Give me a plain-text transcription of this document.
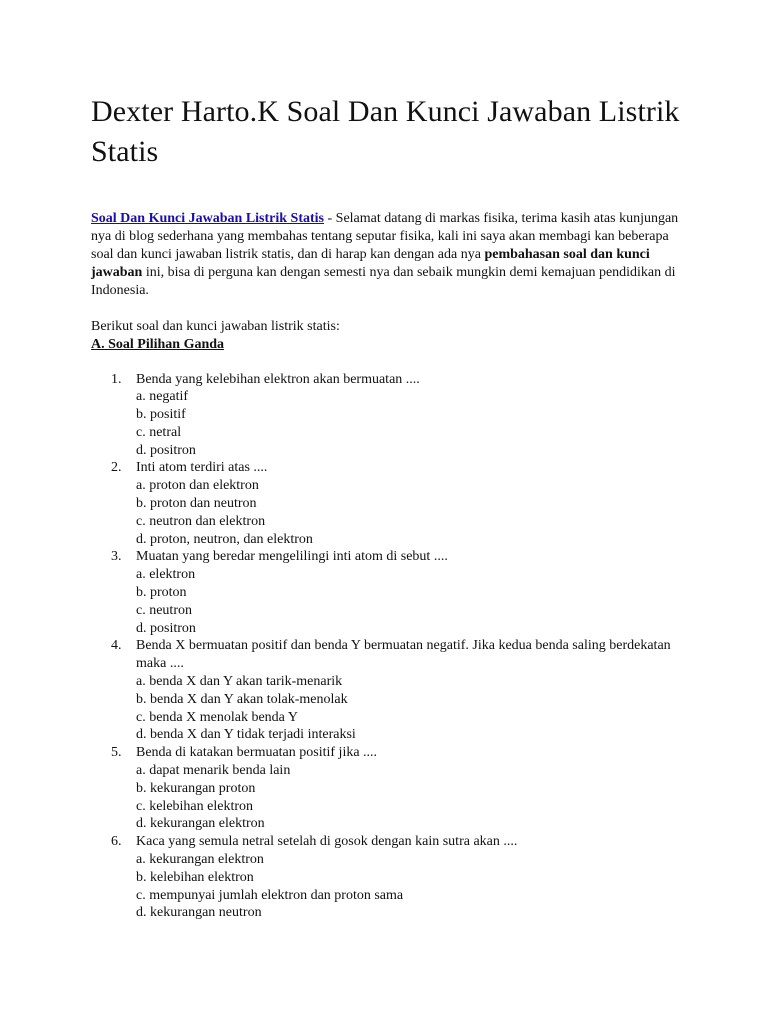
Dexter Harto.K Soal Dan Kunci Jawaban Listrik Statis

Soal Dan Kunci Jawaban Listrik Statis - Selamat datang di markas fisika, terima kasih atas kunjungan nya di blog sederhana yang membahas tentang seputar fisika, kali ini saya akan membagi kan beberapa soal dan kunci jawaban listrik statis, dan di harap kan dengan ada nya pembahasan soal dan kunci jawaban ini, bisa di perguna kan dengan semesti nya dan sebaik mungkin demi kemajuan pendidikan di Indonesia.

Berikut soal dan kunci jawaban listrik statis:

A. Soal Pilihan Ganda

1. Benda yang kelebihan elektron akan bermuatan ....
a. negatif
b. positif
c. netral
d. positron
2. Inti atom terdiri atas ....
a. proton dan elektron
b. proton dan neutron
c. neutron dan elektron
d. proton, neutron, dan elektron
3. Muatan yang beredar mengelilingi inti atom di sebut ....
a. elektron
b. proton
c. neutron
d. positron
4. Benda X bermuatan positif dan benda Y bermuatan negatif. Jika kedua benda saling berdekatan maka ....
a. benda X dan Y akan tarik-menarik
b. benda X dan Y akan tolak-menolak
c. benda X menolak benda Y
d. benda X dan Y tidak terjadi interaksi
5. Benda di katakan bermuatan positif jika ....
a. dapat menarik benda lain
b. kekurangan proton
c. kelebihan elektron
d. kekurangan elektron
6. Kaca yang semula netral setelah di gosok dengan kain sutra akan ....
a. kekurangan elektron
b. kelebihan elektron
c. mempunyai jumlah elektron dan proton sama
d. kekurangan neutron
